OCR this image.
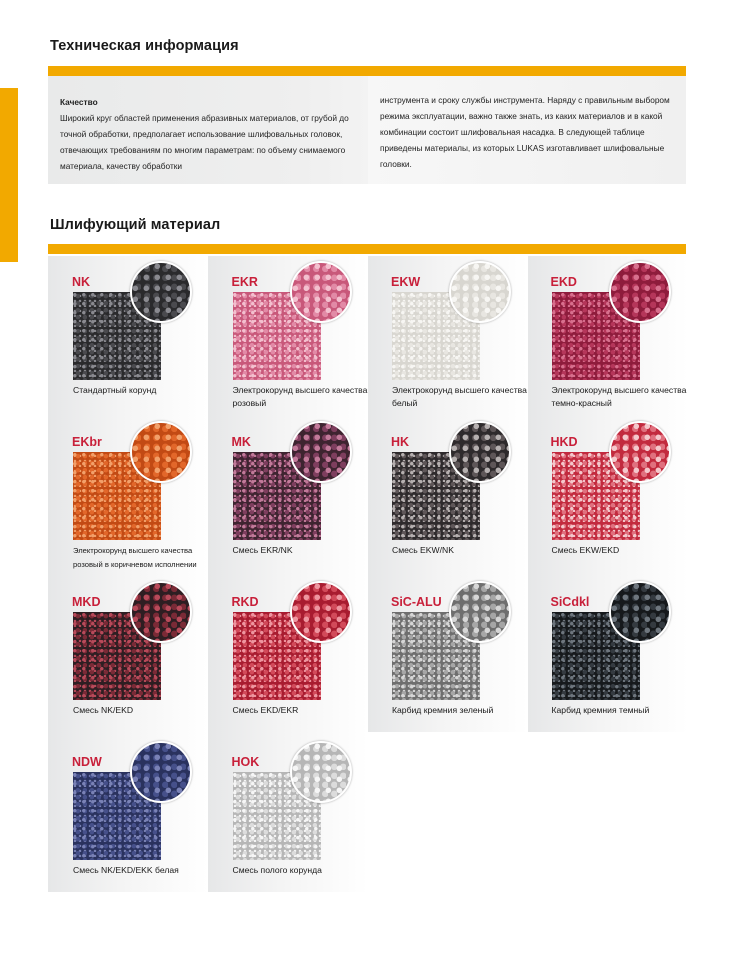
Техническая информация
Качество
Широкий круг областей применения абразивных материалов, от грубой до точной обработки, предполагает использование шлифовальных головок, отвечающих требованиям по многим параметрам: по объему снимаемого материала, качеству обработки
инструмента и сроку службы инструмента. Наряду с правильным выбором режима эксплуатации, важно также знать, из каких материалов и в какой комбинации состоит шлифовальная насадка. В следующей таблице приведены материалы, из которых LUKAS изготавливает шлифовальные головки.
Шлифующий материал
NK
Стандартный корунд
EKR
Электрокорунд высшего качества розовый
EKW
Электрокорунд высшего качества белый
EKD
Электрокорунд высшего качества темно-красный
EKbr
Электрокорунд высшего качества розовый в коричневом исполнении
MK
Смесь EKR/NK
HK
Смесь EKW/NK
HKD
Смесь EKW/EKD
MKD
Смесь NK/EKD
RKD
Смесь EKD/EKR
SiC-ALU
Карбид кремния зеленый
SiCdkl
Карбид кремния темный
NDW
Смесь NK/EKD/EKK белая
HOK
Смесь полого корунда
